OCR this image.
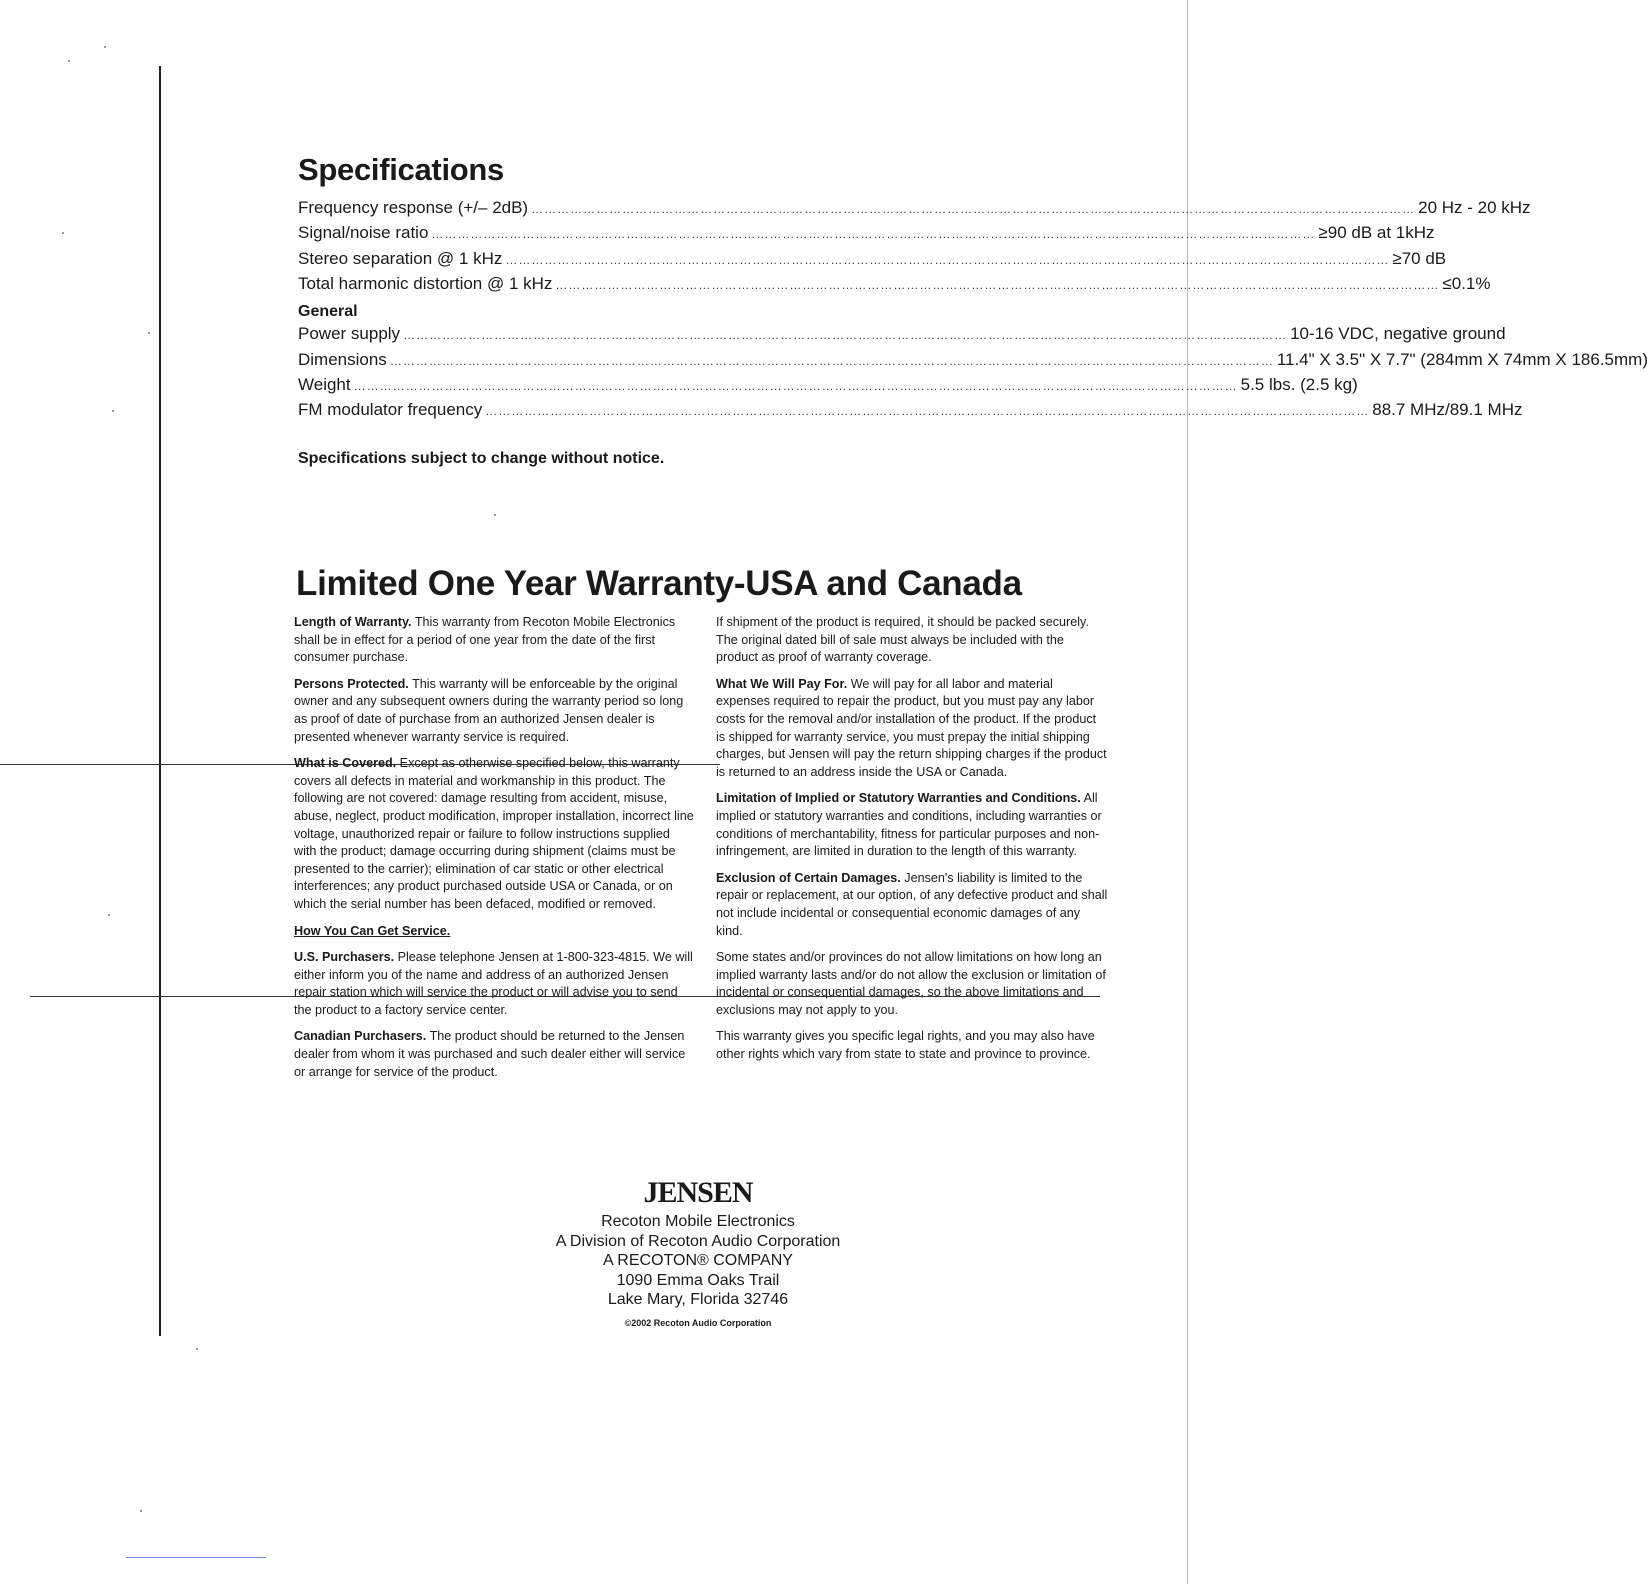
Specifications
Frequency response (+/– 2dB) …………………………………………………………………………………………………………………………………………………………………………………… 20 Hz - 20 kHz
Signal/noise ratio …………………………………………………………………………………………………………………………………………………………………………………… ≥90 dB at 1kHz
Stereo separation @ 1 kHz …………………………………………………………………………………………………………………………………………………………………………………… ≥70 dB
Total harmonic distortion @ 1 kHz …………………………………………………………………………………………………………………………………………………………………………………… ≤0.1%
General
Power supply …………………………………………………………………………………………………………………………………………………………………………………… 10-16 VDC, negative ground
Dimensions …………………………………………………………………………………………………………………………………………………………………………………… 11.4" X 3.5" X 7.7" (284mm X 74mm X 186.5mm)
Weight …………………………………………………………………………………………………………………………………………………………………………………… 5.5 lbs. (2.5 kg)
FM modulator frequency …………………………………………………………………………………………………………………………………………………………………………………… 88.7 MHz/89.1 MHz

Specifications subject to change without notice.

Limited One Year Warranty-USA and Canada

Length of Warranty. This warranty from Recoton Mobile Electronics shall be in effect for a period of one year from the date of the first consumer purchase.

Persons Protected. This warranty will be enforceable by the original owner and any subsequent owners during the warranty period so long as proof of date of purchase from an authorized Jensen dealer is presented whenever warranty service is required.

What is Covered. Except as otherwise specified below, this warranty covers all defects in material and workmanship in this product. The following are not covered: damage resulting from accident, misuse, abuse, neglect, product modification, improper installation, incorrect line voltage, unauthorized repair or failure to follow instructions supplied with the product; damage occurring during shipment (claims must be presented to the carrier); elimination of car static or other electrical interferences; any product purchased outside USA or Canada, or on which the serial number has been defaced, modified or removed.

How You Can Get Service.

U.S. Purchasers. Please telephone Jensen at 1-800-323-4815. We will either inform you of the name and address of an authorized Jensen repair station which will service the product or will advise you to send the product to a factory service center.

Canadian Purchasers. The product should be returned to the Jensen dealer from whom it was purchased and such dealer either will service or arrange for service of the product.

If shipment of the product is required, it should be packed securely. The original dated bill of sale must always be included with the product as proof of warranty coverage.

What We Will Pay For. We will pay for all labor and material expenses required to repair the product, but you must pay any labor costs for the removal and/or installation of the product. If the product is shipped for warranty service, you must prepay the initial shipping charges, but Jensen will pay the return shipping charges if the product is returned to an address inside the USA or Canada.

Limitation of Implied or Statutory Warranties and Conditions. All implied or statutory warranties and conditions, including warranties or conditions of merchantability, fitness for particular purposes and non-infringement, are limited in duration to the length of this warranty.

Exclusion of Certain Damages. Jensen's liability is limited to the repair or replacement, at our option, of any defective product and shall not include incidental or consequential economic damages of any kind.

Some states and/or provinces do not allow limitations on how long an implied warranty lasts and/or do not allow the exclusion or limitation of incidental or consequential damages, so the above limitations and exclusions may not apply to you.

This warranty gives you specific legal rights, and you may also have other rights which vary from state to state and province to province.

JENSEN
Recoton Mobile Electronics
A Division of Recoton Audio Corporation
A RECOTON® COMPANY
1090 Emma Oaks Trail
Lake Mary, Florida 32746
©2002 Recoton Audio Corporation
